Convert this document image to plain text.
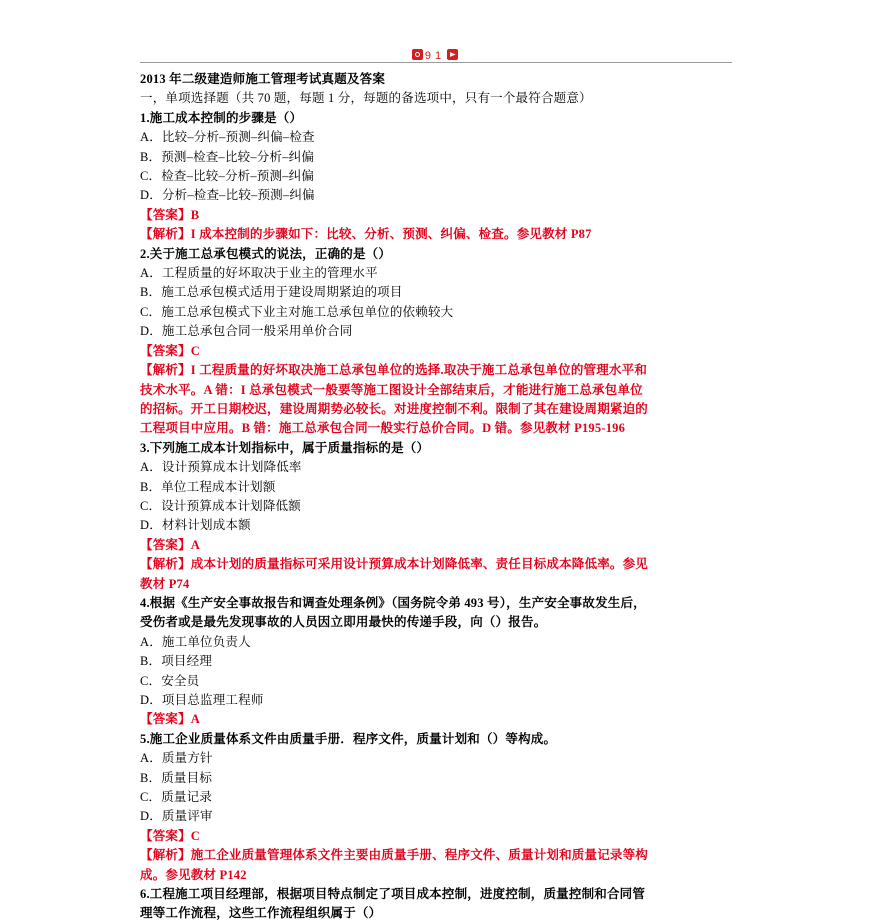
9 1
2013 年二级建造师施工管理考试真题及答案
一，单项选择题（共 70 题，每题 1 分，每题的备选项中，只有一个最符合题意）
1.施工成本控制的步骤是（）
A．比较–分析–预测–纠偏–检查
B．预测–检查–比较–分析–纠偏
C．检查–比较–分析–预测–纠偏
D．分析–检查–比较–预测–纠偏
【答案】B
【解析】I 成本控制的步骤如下：比较、分析、预测、纠偏、检查。参见教材 P87
2.关于施工总承包模式的说法，正确的是（）
A．工程质量的好坏取决于业主的管理水平
B．施工总承包模式适用于建设周期紧迫的项目
C．施工总承包模式下业主对施工总承包单位的依赖较大
D．施工总承包合同一般采用单价合同
【答案】C
【解析】I 工程质量的好坏取决施工总承包单位的选择.取决于施工总承包单位的管理水平和
技术水平。A 错：I 总承包模式一般要等施工图设计全部结束后，才能进行施工总承包单位
的招标。开工日期校迟，建设周期势必较长。对进度控制不利。限制了其在建设周期紧迫的
工程项目中应用。B 错：施工总承包合同一般实行总价合同。D 错。参见教材 P195-196
3.下列施工成本计划指标中，属于质量指标的是（）
A．设计预算成本计划降低率
B．单位工程成本计划额
C．设计预算成本计划降低额
D．材料计划成本额
【答案】A
【解析】成本计划的质量指标可采用设计预算成本计划降低率、责任目标成本降低率。参见
教材 P74
4.根据《生产安全事故报告和调查处理条例》（国务院令弟 493 号），生产安全事故发生后，
受伤者或是最先发现事故的人员因立即用最快的传递手段，向（）报告。
A．施工单位负责人
B．项目经理
C．安全员
D．项目总监理工程师
【答案】A
5.施工企业质量体系文件由质量手册．程序文件，质量计划和（）等构成。
A．质量方针
B．质量目标
C．质量记录
D．质量评审
【答案】C
【解析】施工企业质量管理体系文件主要由质量手册、程序文件、质量计划和质量记录等构
成。参见教材 P142
6.工程施工项目经理部，根据项目特点制定了项目成本控制，进度控制，质量控制和合同管
理等工作流程，这些工作流程组织属于（）
